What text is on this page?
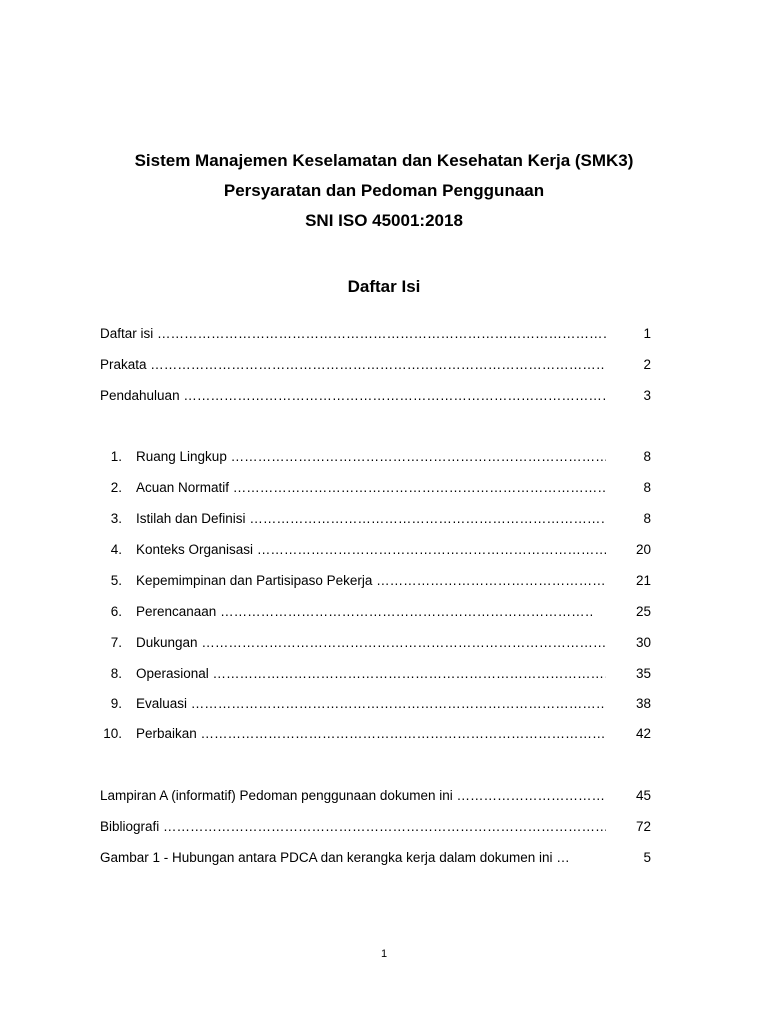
Sistem Manajemen Keselamatan dan Kesehatan Kerja (SMK3)
Persyaratan dan Pedoman Penggunaan
SNI ISO 45001:2018
Daftar Isi
Daftar isi ………………………………………………………………………………………………………………………………………………………………	1
Prakata ………………………………………………………………………………………………………………………………………………………………	2
Pendahuluan ………………………………………………………………………………………………………………………………………………………………	3
1. Ruang Lingkup ………………………………………………………………………………………………………………………………………………………………	8
2. Acuan Normatif ………………………………………………………………………………………………………………………………………………………………	8
3. Istilah dan Definisi ………………………………………………………………………………………………………………………………………………………………	8
4. Konteks Organisasi ………………………………………………………………………………………………………………………………………………………………	20
5. Kepemimpinan dan Partisipaso Pekerja ………………………………………………………………………………………………………………………………………………………………	21
6. Perencanaan ………………………………………………………………………………………………………………………………………………………………	25
7. Dukungan ………………………………………………………………………………………………………………………………………………………………	30
8. Operasional ………………………………………………………………………………………………………………………………………………………………	35
9. Evaluasi ………………………………………………………………………………………………………………………………………………………………	38
10. Perbaikan ………………………………………………………………………………………………………………………………………………………………	42
Lampiran A (informatif) Pedoman penggunaan dokumen ini ………………………………………………………………………………………………………………………………………………………………	45
Bibliografi ………………………………………………………………………………………………………………………………………………………………	72
Gambar 1 - Hubungan antara PDCA dan kerangka kerja dalam dokumen ini …	5
1
